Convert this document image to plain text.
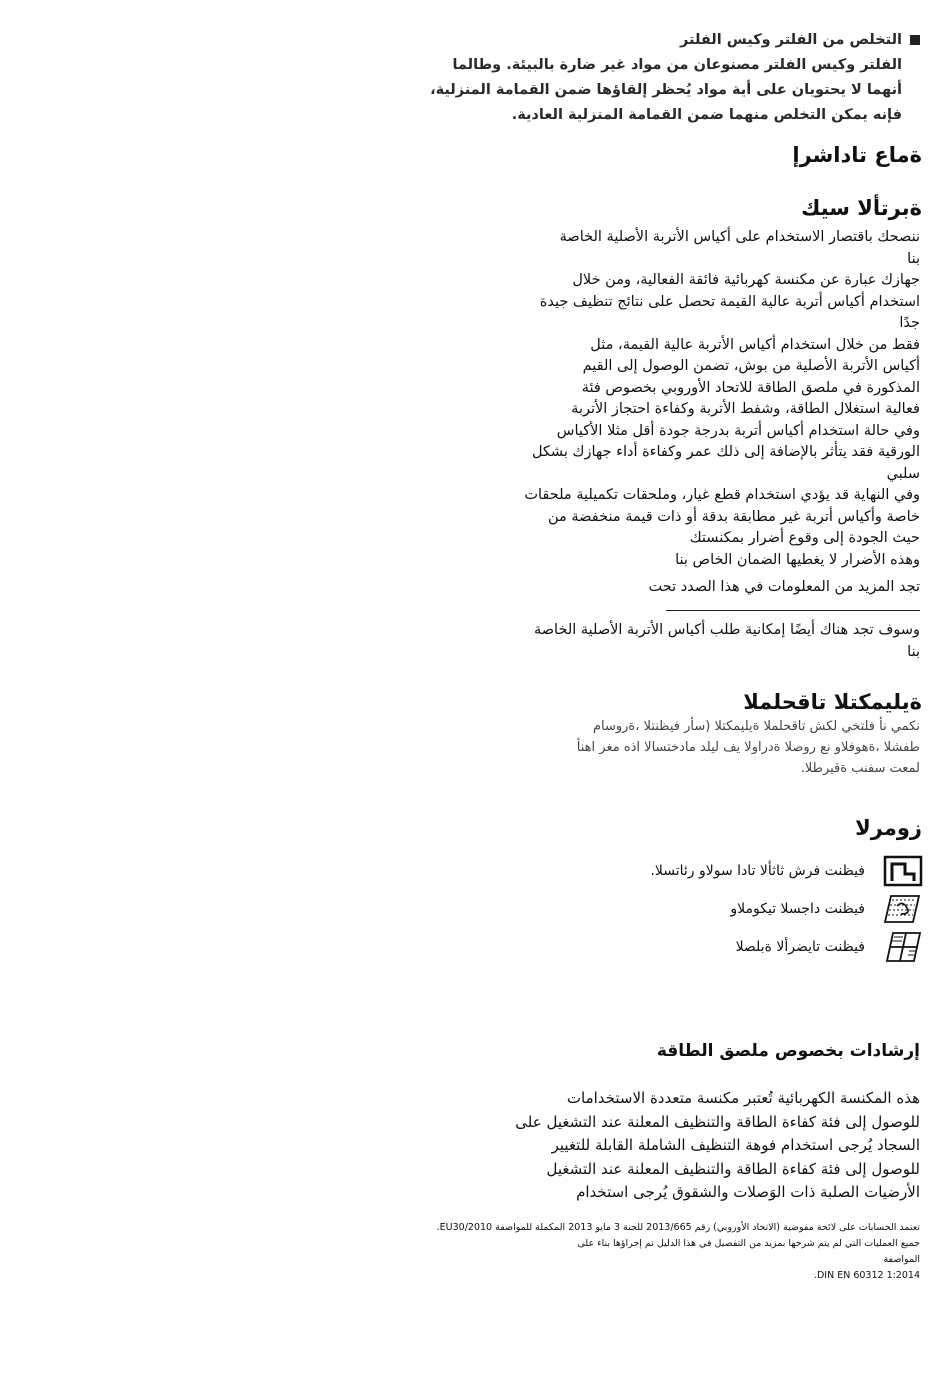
التخلص من الفلتر وكيس الفلتر
الفلتر وكيس الفلتر مصنوعان من مواد غير ضارة بالبيئة. وطالما
أنهما لا يحتويان على أية مواد يُحظر إلقاؤها ضمن القمامة المنزلية،
فإنه يمكن التخلص منهما ضمن القمامة المنزلية العادية.
ةماع تاداشرإ
ةبرتألا سيك
ننصحك باقتصار الاستخدام على أكياس الأتربة الأصلية الخاصة
بنا
جهازك عبارة عن مكنسة كهربائية فائقة الفعالية، ومن خلال
استخدام أكياس أتربة عالية القيمة تحصل على نتائج تنظيف جيدة
جدًا
فقط من خلال استخدام أكياس الأتربة عالية القيمة، مثل
أكياس الأتربة الأصلية من بوش، تضمن الوصول إلى القيم
المذكورة في ملصق الطاقة للاتحاد الأوروبي بخصوص فئة
فعالية استغلال الطاقة، وشفط الأتربة وكفاءة احتجاز الأتربة
وفي حالة استخدام أكياس أتربة بدرجة جودة أقل مثلا الأكياس
الورقية فقد يتأثر بالإضافة إلى ذلك عمر وكفاءة أداء جهازك بشكل
سلبي
وفي النهاية قد يؤدي استخدام قطع غيار، وملحقات تكميلية ملحقات
خاصة وأكياس أتربة غير مطابقة بدقة أو ذات قيمة منخفضة من
حيث الجودة إلى وقوع أضرار بمكنستك
وهذه الأضرار لا يغطيها الضمان الخاص بنا
تجد المزيد من المعلومات في هذا الصدد تحت
وسوف تجد هناك أيضًا إمكانية طلب أكياس الأتربة الأصلية الخاصة
بنا
ةيليمكتلا تاقحلملا
نكمي نأ فلتخي لكش تاقحلملا ةيليمكتلا (سأر فيظنتلا ،ةروسام
طفشلا ،ةهوفلاو نع روصلا ةدراولا يف ليلد مادختسالا اذه مغر اهنأ
لمعت سفنب ةقيرطلا.
زومرلا
فيظنت فرش ثاثألا تادا سولاو رئاتسلا.
فيظنت داجسلا تيكوملاو
فيظنت تايضرألا ةبلصلا
إرشادات بخصوص ملصق الطاقة
هذه المكنسة الكهربائية تُعتبر مكنسة متعددة الاستخدامات
للوصول إلى فئة كفاءة الطاقة والتنظيف المعلنة عند التشغيل على
السجاد يُرجى استخدام فوهة التنظيف الشاملة القابلة للتغيير
للوصول إلى فئة كفاءة الطاقة والتنظيف المعلنة عند التشغيل
الأرضيات الصلبة ذات الوَصلات والشقوق يُرجى استخدام
تعتمد الحسابات على لائحة مفوضية (الاتحاد الأوروبي) رقم 2013/665 للجنة 3 مايو 2013 المكملة للمواصفة EU30/2010.
جميع العمليات التي لم يتم شرحها بمزيد من التفصيل في هذا الدليل تم إجراؤها بناء على
المواصفة
DIN EN 60312 1:2014.
